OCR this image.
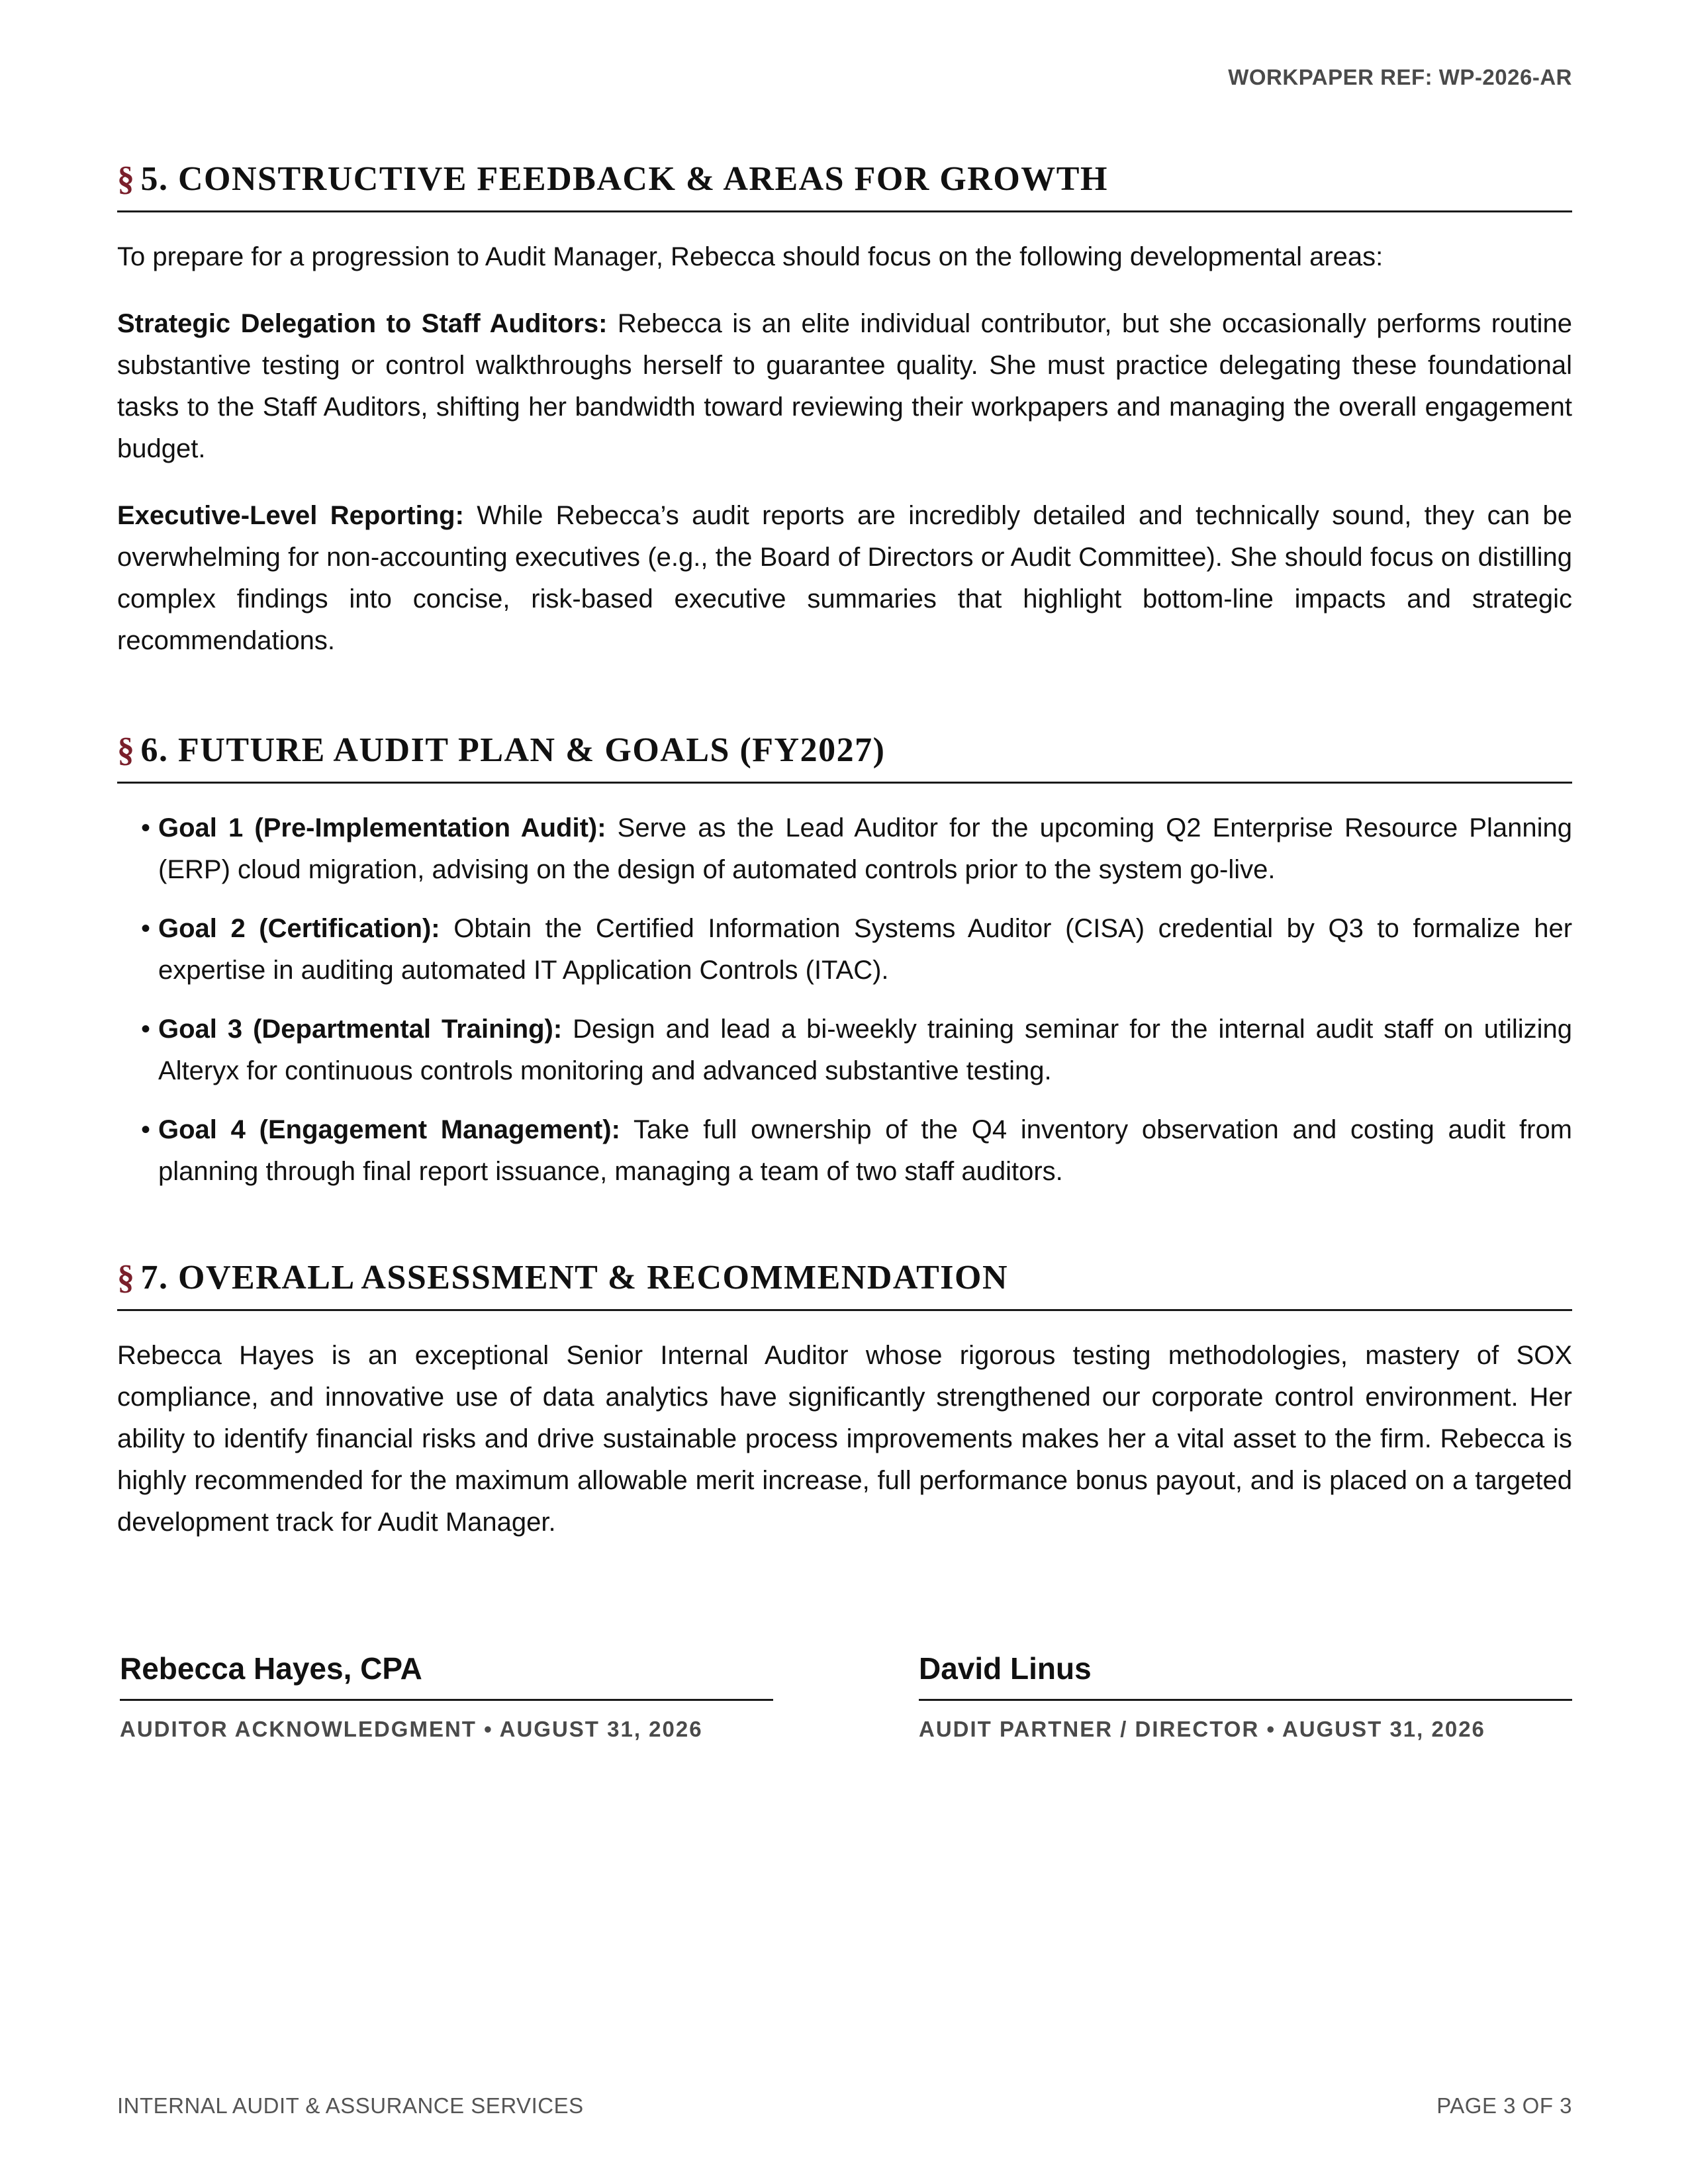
WORKPAPER REF: WP-2026-AR
§ 5. CONSTRUCTIVE FEEDBACK & AREAS FOR GROWTH

To prepare for a progression to Audit Manager, Rebecca should focus on the following developmental areas:

Strategic Delegation to Staff Auditors: Rebecca is an elite individual contributor, but she occasionally performs routine substantive testing or control walkthroughs herself to guarantee quality. She must practice delegating these foundational tasks to the Staff Auditors, shifting her bandwidth toward reviewing their workpapers and managing the overall engagement budget.

Executive-Level Reporting: While Rebecca’s audit reports are incredibly detailed and technically sound, they can be overwhelming for non-accounting executives (e.g., the Board of Directors or Audit Committee). She should focus on distilling complex findings into concise, risk-based executive summaries that highlight bottom-line impacts and strategic recommendations.

§ 6. FUTURE AUDIT PLAN & GOALS (FY2027)
• Goal 1 (Pre-Implementation Audit): Serve as the Lead Auditor for the upcoming Q2 Enterprise Resource Planning (ERP) cloud migration, advising on the design of automated controls prior to the system go-live.
• Goal 2 (Certification): Obtain the Certified Information Systems Auditor (CISA) credential by Q3 to formalize her expertise in auditing automated IT Application Controls (ITAC).
• Goal 3 (Departmental Training): Design and lead a bi-weekly training seminar for the internal audit staff on utilizing Alteryx for continuous controls monitoring and advanced substantive testing.
• Goal 4 (Engagement Management): Take full ownership of the Q4 inventory observation and costing audit from planning through final report issuance, managing a team of two staff auditors.
§ 7. OVERALL ASSESSMENT & RECOMMENDATION

Rebecca Hayes is an exceptional Senior Internal Auditor whose rigorous testing methodologies, mastery of SOX compliance, and innovative use of data analytics have significantly strengthened our corporate control environment. Her ability to identify financial risks and drive sustainable process improvements makes her a vital asset to the firm. Rebecca is highly recommended for the maximum allowable merit increase, full performance bonus payout, and is placed on a targeted development track for Audit Manager.

Rebecca Hayes, CPA
AUDITOR ACKNOWLEDGMENT • AUGUST 31, 2026
David Linus
AUDIT PARTNER / DIRECTOR • AUGUST 31, 2026
INTERNAL AUDIT & ASSURANCE SERVICES	PAGE 3 OF 3
